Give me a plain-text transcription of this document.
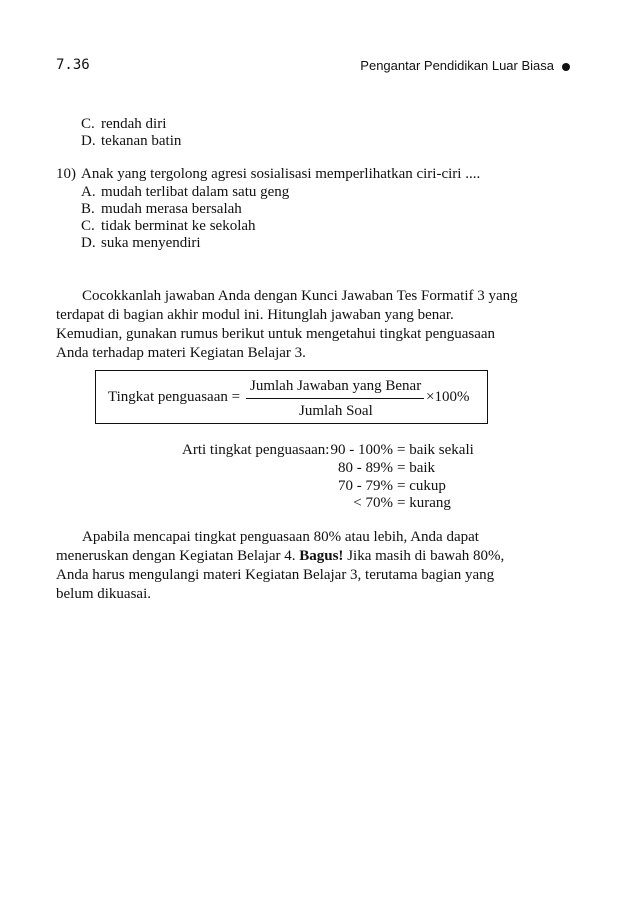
7.36	Pengantar Pendidikan Luar Biasa
C. rendah diri
D. tekanan batin
10) Anak yang tergolong agresi sosialisasi memperlihatkan ciri-ciri ....
A. mudah terlibat dalam satu geng
B. mudah merasa bersalah
C. tidak berminat ke sekolah
D. suka menyendiri

Cocokkanlah jawaban Anda dengan Kunci Jawaban Tes Formatif 3 yang

terdapat di bagian akhir modul ini. Hitunglah jawaban yang benar.

Kemudian, gunakan rumus berikut untuk mengetahui tingkat penguasaan

Anda terhadap materi Kegiatan Belajar 3.

Tingkat penguasaan =
Jumlah Jawaban yang Benar
Jumlah Soal
×100%
Arti tingkat penguasaan: 90 - 100% = baik sekali
80 - 89% = baik
70 - 79% = cukup
< 70% = kurang

Apabila mencapai tingkat penguasaan 80% atau lebih, Anda dapat

meneruskan dengan Kegiatan Belajar 4. Bagus! Jika masih di bawah 80%,

Anda harus mengulangi materi Kegiatan Belajar 3, terutama bagian yang

belum dikuasai.
